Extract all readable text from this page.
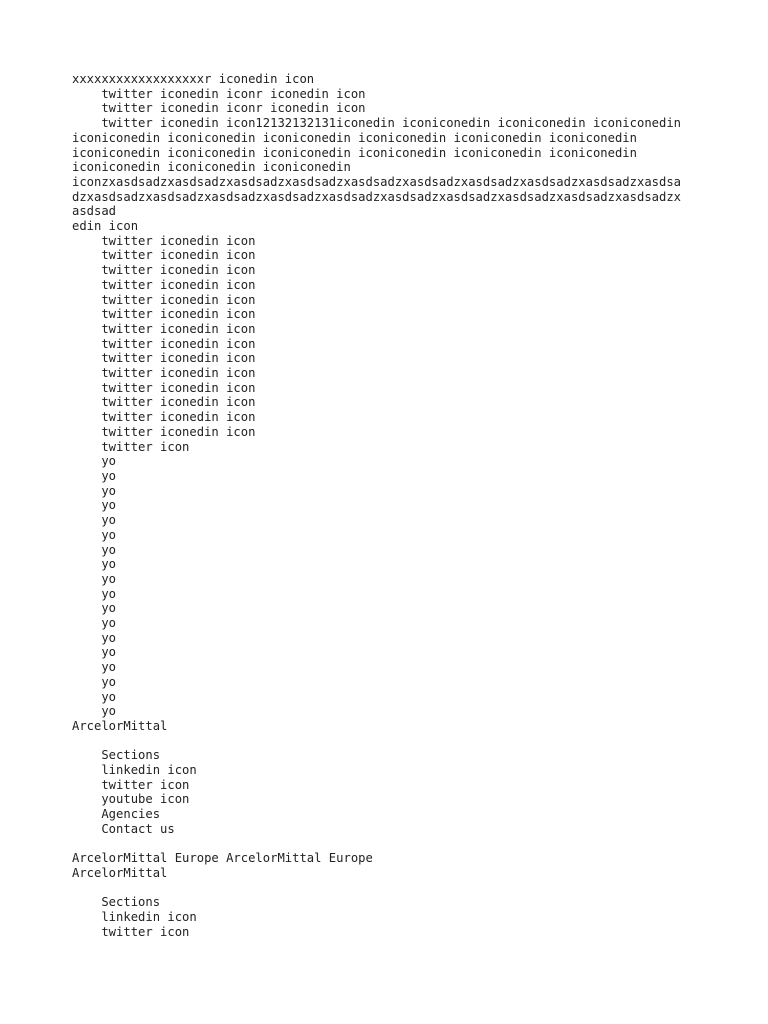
xxxxxxxxxxxxxxxxxxr iconedin icon
twitter iconedin iconr iconedin icon
twitter iconedin iconr iconedin icon
twitter iconedin icon12132132131iconedin iconiconedin iconiconedin iconiconedin
iconiconedin iconiconedin iconiconedin iconiconedin iconiconedin iconiconedin
iconiconedin iconiconedin iconiconedin iconiconedin iconiconedin iconiconedin
iconiconedin iconiconedin iconiconedin
iconzxasdsadzxasdsadzxasdsadzxasdsadzxasdsadzxasdsadzxasdsadzxasdsadzxasdsadzxasdsa
dzxasdsadzxasdsadzxasdsadzxasdsadzxasdsadzxasdsadzxasdsadzxasdsadzxasdsadzxasdsadzx
asdsad
edin icon
twitter iconedin icon
twitter iconedin icon
twitter iconedin icon
twitter iconedin icon
twitter iconedin icon
twitter iconedin icon
twitter iconedin icon
twitter iconedin icon
twitter iconedin icon
twitter iconedin icon
twitter iconedin icon
twitter iconedin icon
twitter iconedin icon
twitter iconedin icon
twitter icon
yo
yo
yo
yo
yo
yo
yo
yo
yo
yo
yo
yo
yo
yo
yo
yo
yo
yo
ArcelorMittal
Sections
linkedin icon
twitter icon
youtube icon
Agencies
Contact us
ArcelorMittal Europe ArcelorMittal Europe
ArcelorMittal
Sections
linkedin icon
twitter icon
